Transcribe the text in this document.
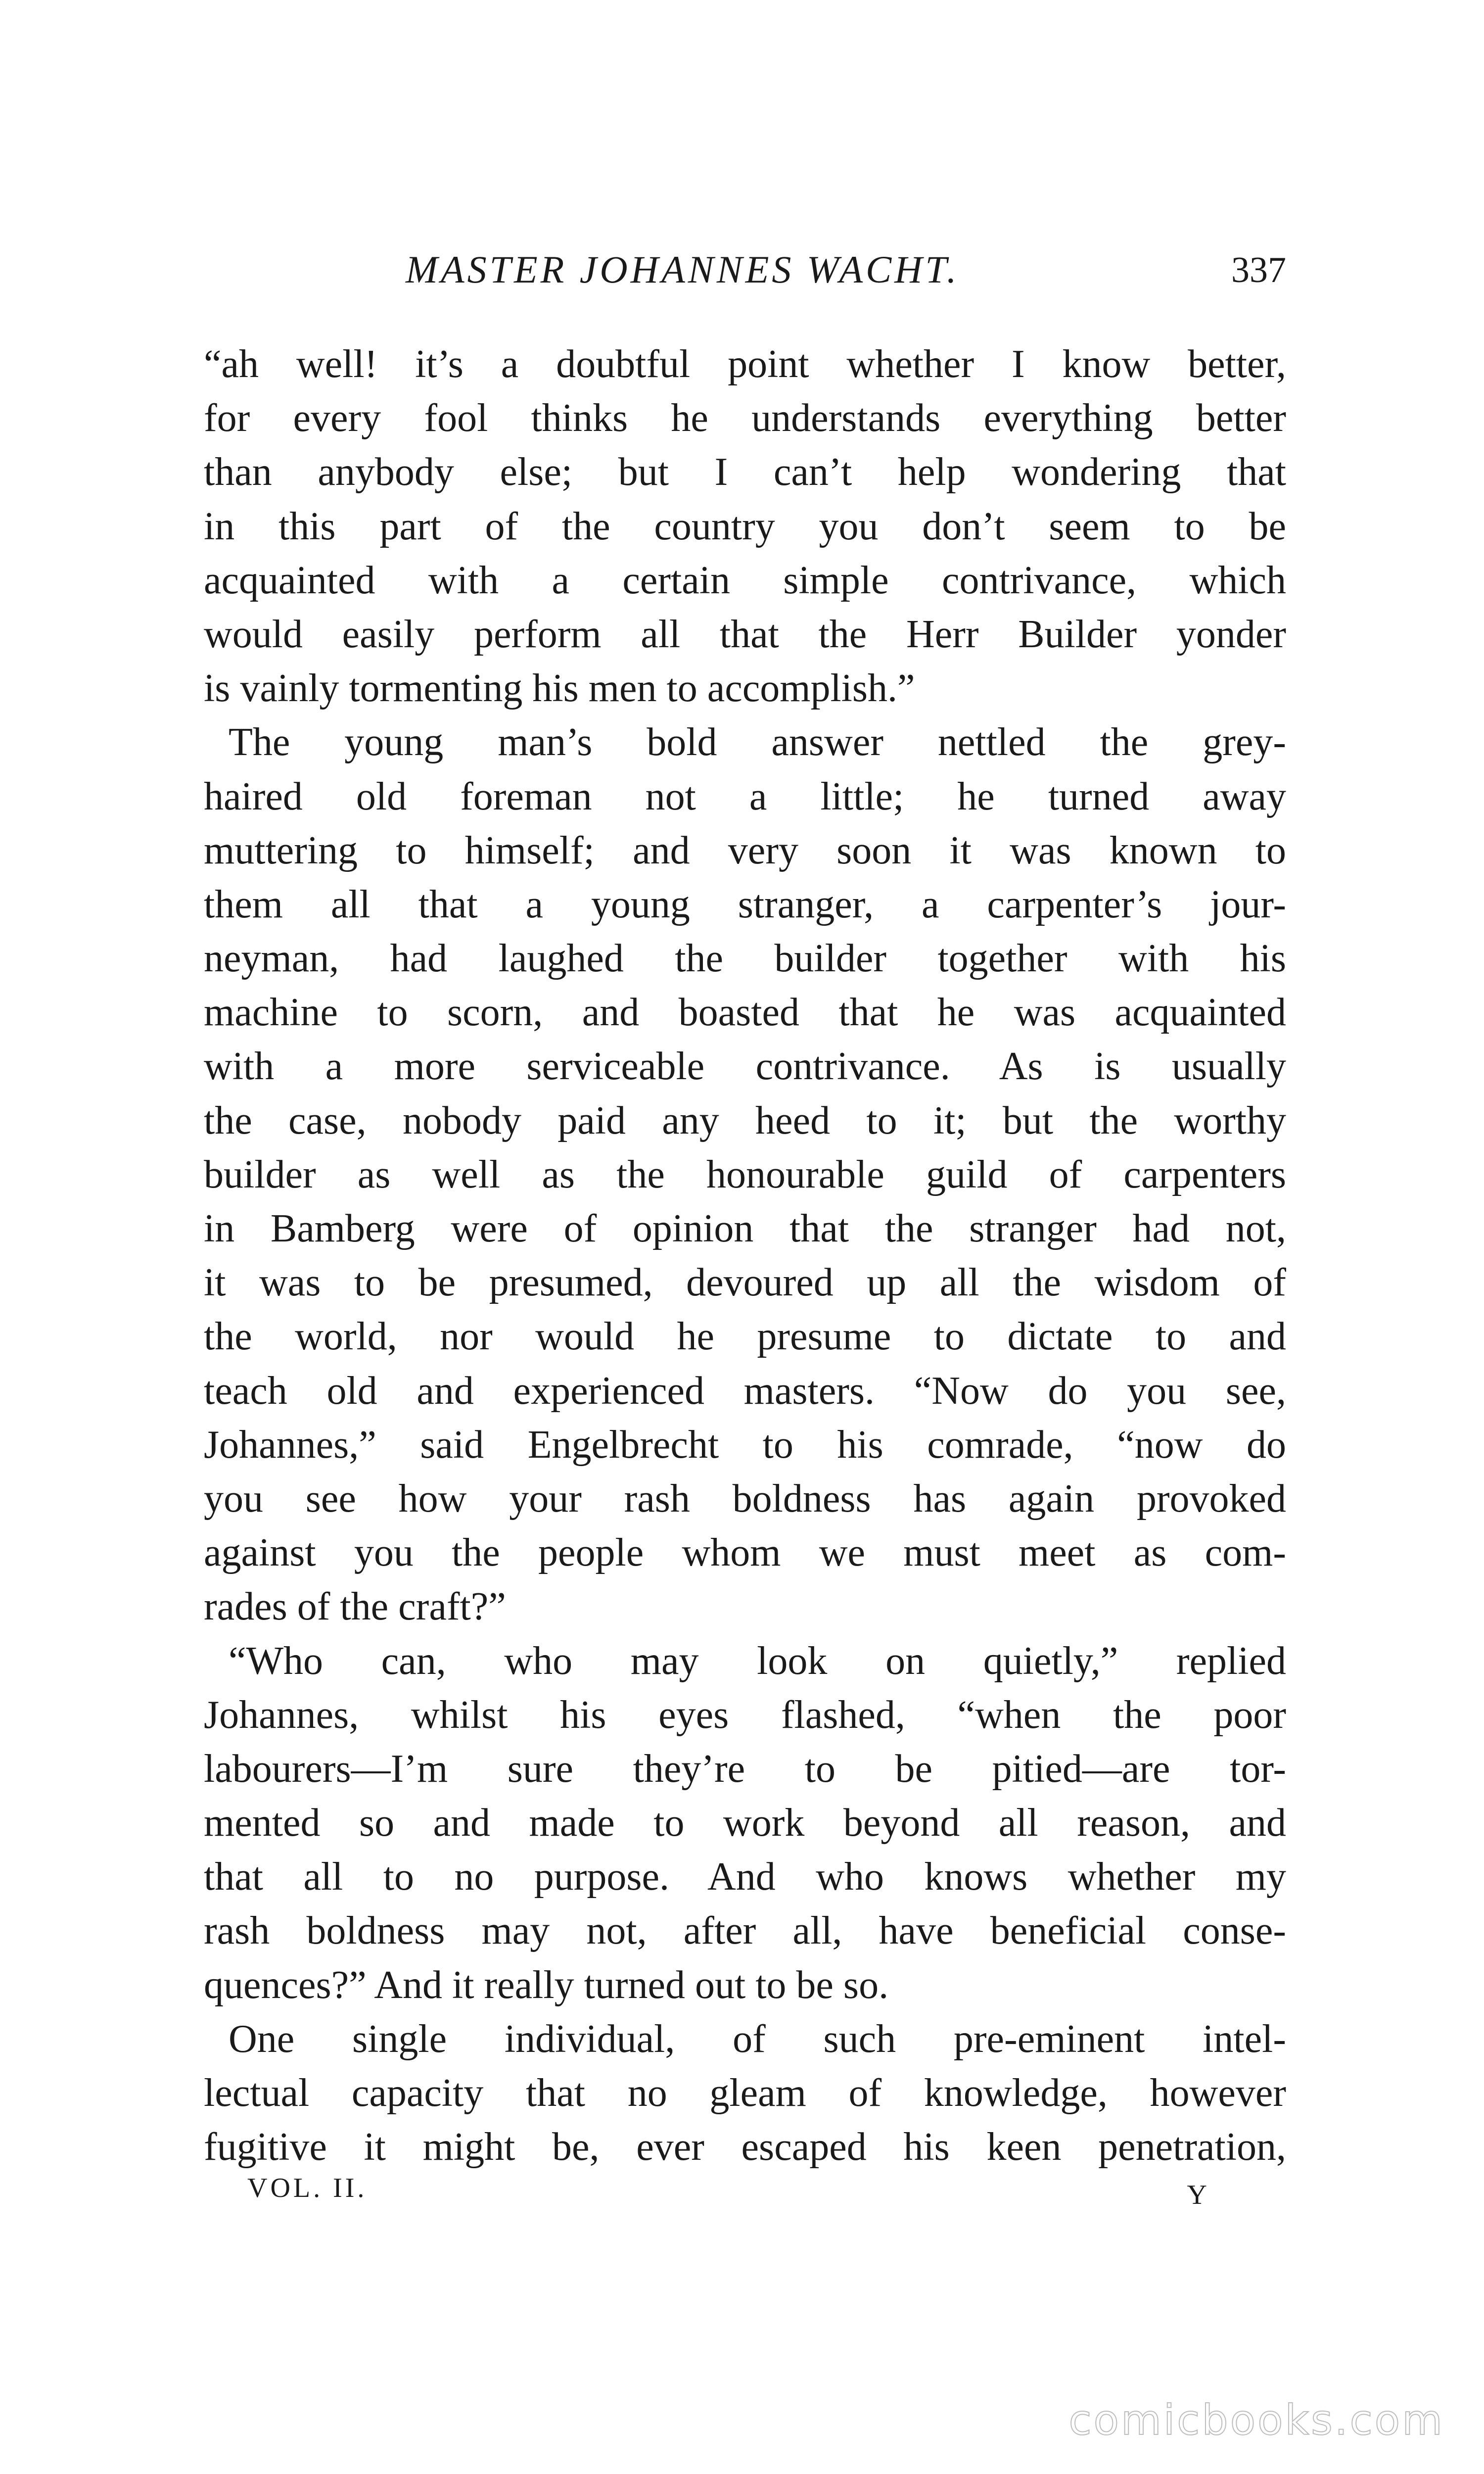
MASTER JOHANNES WACHT.	337
“ah well! it’s a doubtful point whether I know better,
for every fool thinks he understands everything better
than anybody else; but I can’t help wondering that
in this part of the country you don’t seem to be
acquainted with a certain simple contrivance, which
would easily perform all that the Herr Builder yonder
is vainly tormenting his men to accomplish.”
The young man’s bold answer nettled the grey-
haired old foreman not a little; he turned away
muttering to himself; and very soon it was known to
them all that a young stranger, a carpenter’s jour-
neyman, had laughed the builder together with his
machine to scorn, and boasted that he was acquainted
with a more serviceable contrivance. As is usually
the case, nobody paid any heed to it; but the worthy
builder as well as the honourable guild of carpenters
in Bamberg were of opinion that the stranger had not,
it was to be presumed, devoured up all the wisdom of
the world, nor would he presume to dictate to and
teach old and experienced masters. “Now do you see,
Johannes,” said Engelbrecht to his comrade, “now do
you see how your rash boldness has again provoked
against you the people whom we must meet as com-
rades of the craft?”
“Who can, who may look on quietly,” replied
Johannes, whilst his eyes flashed, “when the poor
labourers—I’m sure they’re to be pitied—are tor-
mented so and made to work beyond all reason, and
that all to no purpose. And who knows whether my
rash boldness may not, after all, have beneficial conse-
quences?” And it really turned out to be so.
One single individual, of such pre-eminent intel-
lectual capacity that no gleam of knowledge, however
fugitive it might be, ever escaped his keen penetration,
VOL. II.	Y
comicbooks.com
